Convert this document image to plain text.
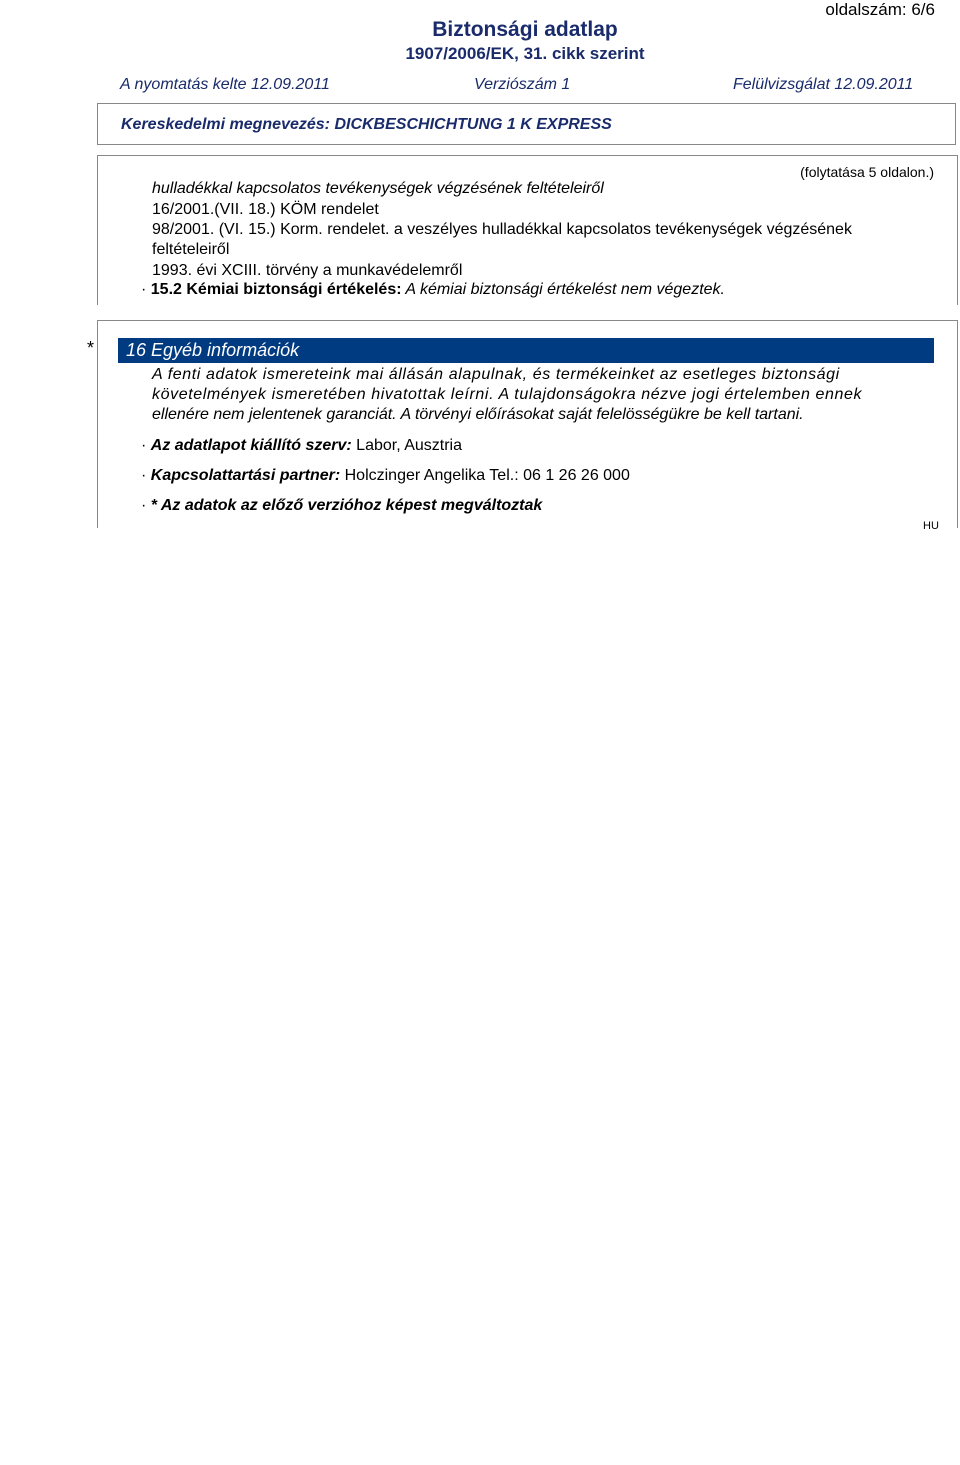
oldalszám: 6/6
Biztonsági adatlap
1907/2006/EK, 31. cikk szerint
A nyomtatás kelte 12.09.2011	Verziószám 1	Felülvizsgálat 12.09.2011
Kereskedelmi megnevezés: DICKBESCHICHTUNG 1 K EXPRESS
(folytatása 5 oldalon.)
hulladékkal kapcsolatos tevékenységek végzésének feltételeiről
16/2001.(VII. 18.) KÖM rendelet
98/2001. (VI. 15.) Korm. rendelet. a veszélyes hulladékkal kapcsolatos tevékenységek végzésének
feltételeiről
1993. évi XCIII. törvény a munkavédelemről
· 15.2 Kémiai biztonsági értékelés: A kémiai biztonsági értékelést nem végeztek.
*	16 Egyéb információk
A fenti adatok ismereteink mai állásán alapulnak, és termékeinket az esetleges biztonsági
követelmények ismeretében hivatottak leírni. A tulajdonságokra nézve jogi értelemben ennek
ellenére nem jelentenek garanciát. A törvényi előírásokat saját felelösségükre be kell tartani.
· Az adatlapot kiállító szerv: Labor, Ausztria
· Kapcsolattartási partner: Holczinger Angelika Tel.: 06 1 26 26 000
· * Az adatok az előző verzióhoz képest megváltoztak
HU
